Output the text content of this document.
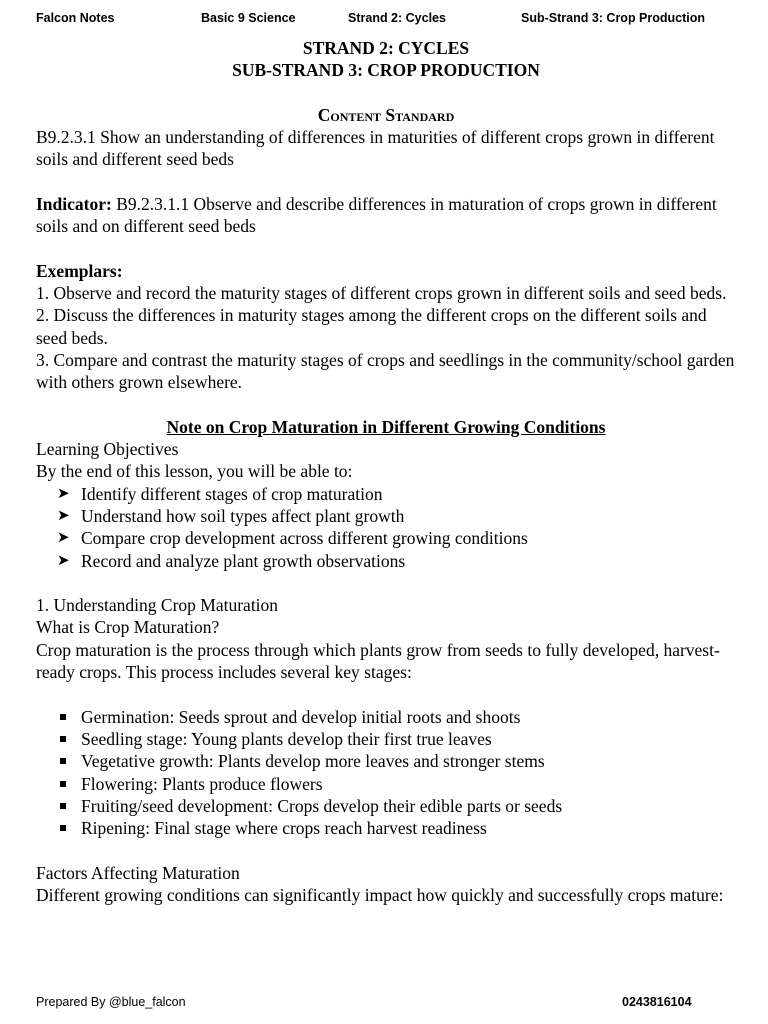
Falcon Notes	Basic 9 Science	Strand 2: Cycles	Sub-Strand 3: Crop Production

STRAND 2: CYCLES

SUB-STRAND 3: CROP PRODUCTION

Content Standard

B9.2.3.1 Show an understanding of differences in maturities of different crops grown in different soils and different seed beds

Indicator: B9.2.3.1.1 Observe and describe differences in maturation of crops grown in different soils and on different seed beds

Exemplars:

1. Observe and record the maturity stages of different crops grown in different soils and seed beds.

2. Discuss the differences in maturity stages among the different crops on the different soils and seed beds.

3. Compare and contrast the maturity stages of crops and seedlings in the community/school garden with others grown elsewhere.

Note on Crop Maturation in Different Growing Conditions

Learning Objectives

By the end of this lesson, you will be able to:

➤ Identify different stages of crop maturation
➤ Understand how soil types affect plant growth
➤ Compare crop development across different growing conditions
➤ Record and analyze plant growth observations

1. Understanding Crop Maturation

What is Crop Maturation?

Crop maturation is the process through which plants grow from seeds to fully developed, harvest-ready crops. This process includes several key stages:

Germination: Seeds sprout and develop initial roots and shoots
Seedling stage: Young plants develop their first true leaves
Vegetative growth: Plants develop more leaves and stronger stems
Flowering: Plants produce flowers
Fruiting/seed development: Crops develop their edible parts or seeds
Ripening: Final stage where crops reach harvest readiness

Factors Affecting Maturation

Different growing conditions can significantly impact how quickly and successfully crops mature:

Prepared By @blue_falcon	0243816104
